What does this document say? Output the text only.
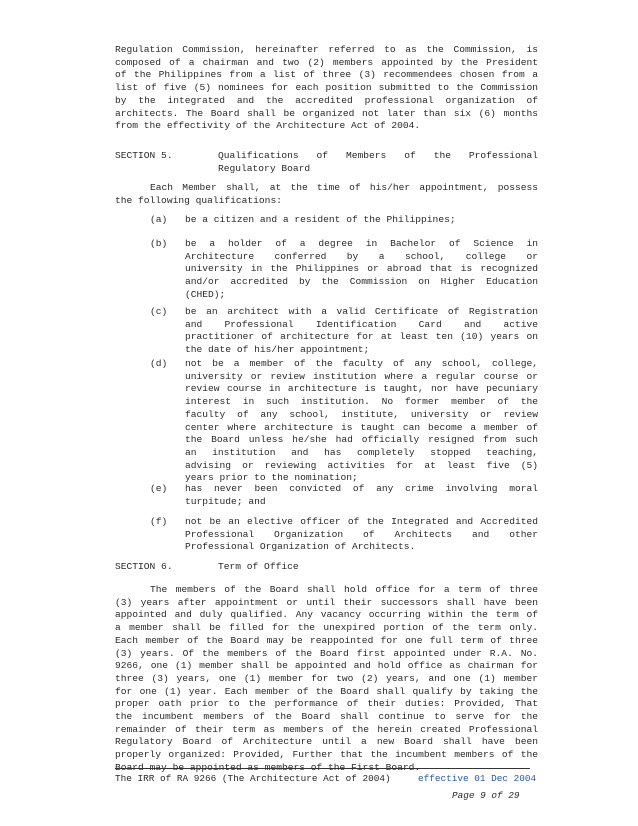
Regulation Commission, hereinafter referred to as the Commission, is

composed of a chairman and two (2) members appointed by the President

of the Philippines from a list of three (3) recommendees chosen from a

list of five (5) nominees for each position submitted to the Commission

by the integrated and the accredited professional organization of

architects. The Board shall be organized not later than six (6) months

from the effectivity of the Architecture Act of 2004.

SECTION 5.	Qualifications of Members of the Professional

Regulatory Board

Each Member shall, at the time of his/her appointment, possess

the following qualifications:

(a) be a citizen and a resident of the Philippines;

(b) be a holder of a degree in Bachelor of Science in

Architecture conferred by a school, college or

university in the Philippines or abroad that is recognized

and/or accredited by the Commission on Higher Education

(CHED);

(c) be an architect with a valid Certificate of Registration

and Professional Identification Card and active

practitioner of architecture for at least ten (10) years on

the date of his/her appointment;

(d) not be a member of the faculty of any school, college,

university or review institution where a regular course or

review course in architecture is taught, nor have pecuniary

interest in such institution. No former member of the

faculty of any school, institute, university or review

center where architecture is taught can become a member of

the Board unless he/she had officially resigned from such

an institution and has completely stopped teaching,

advising or reviewing activities for at least five (5)

years prior to the nomination;

(e) has never been convicted of any crime involving moral

turpitude; and

(f) not be an elective officer of the Integrated and Accredited

Professional Organization of Architects and other

Professional Organization of Architects.

SECTION 6.	Term of Office

The members of the Board shall hold office for a term of three

(3) years after appointment or until their successors shall have been

appointed and duly qualified. Any vacancy occurring within the term of

a member shall be filled for the unexpired portion of the term only.

Each member of the Board may be reappointed for one full term of three

(3) years. Of the members of the Board first appointed under R.A. No.

9266, one (1) member shall be appointed and hold office as chairman for

three (3) years, one (1) member for two (2) years, and one (1) member

for one (1) year. Each member of the Board shall qualify by taking the

proper oath prior to the performance of their duties: Provided, That

the incumbent members of the Board shall continue to serve for the

remainder of their term as members of the herein created Professional

Regulatory Board of Architecture until a new Board shall have been

properly organized: Provided, Further that the incumbent members of the

Board may be appointed as members of the First Board.

The IRR of RA 9266 (The Architecture Act of 2004)	effective 01 Dec 2004
Page 9 of 29
